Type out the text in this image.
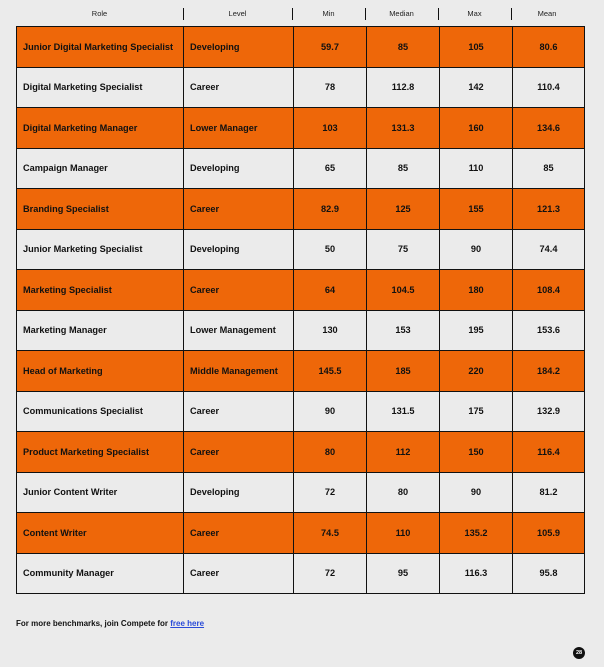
Role	Level	Min	Median	Max	Mean
Junior Digital Marketing Specialist	Developing	59.7	85	105	80.6
Digital Marketing Specialist	Career	78	112.8	142	110.4
Digital Marketing Manager	Lower Manager	103	131.3	160	134.6
Campaign Manager	Developing	65	85	110	85
Branding Specialist	Career	82.9	125	155	121.3
Junior Marketing Specialist	Developing	50	75	90	74.4
Marketing Specialist	Career	64	104.5	180	108.4
Marketing Manager	Lower Management	130	153	195	153.6
Head of Marketing	Middle Management	145.5	185	220	184.2
Communications Specialist	Career	90	131.5	175	132.9
Product Marketing Specialist	Career	80	112	150	116.4
Junior Content Writer	Developing	72	80	90	81.2
Content Writer	Career	74.5	110	135.2	105.9
Community Manager	Career	72	95	116.3	95.8
For more benchmarks, join Compete for free here
28
